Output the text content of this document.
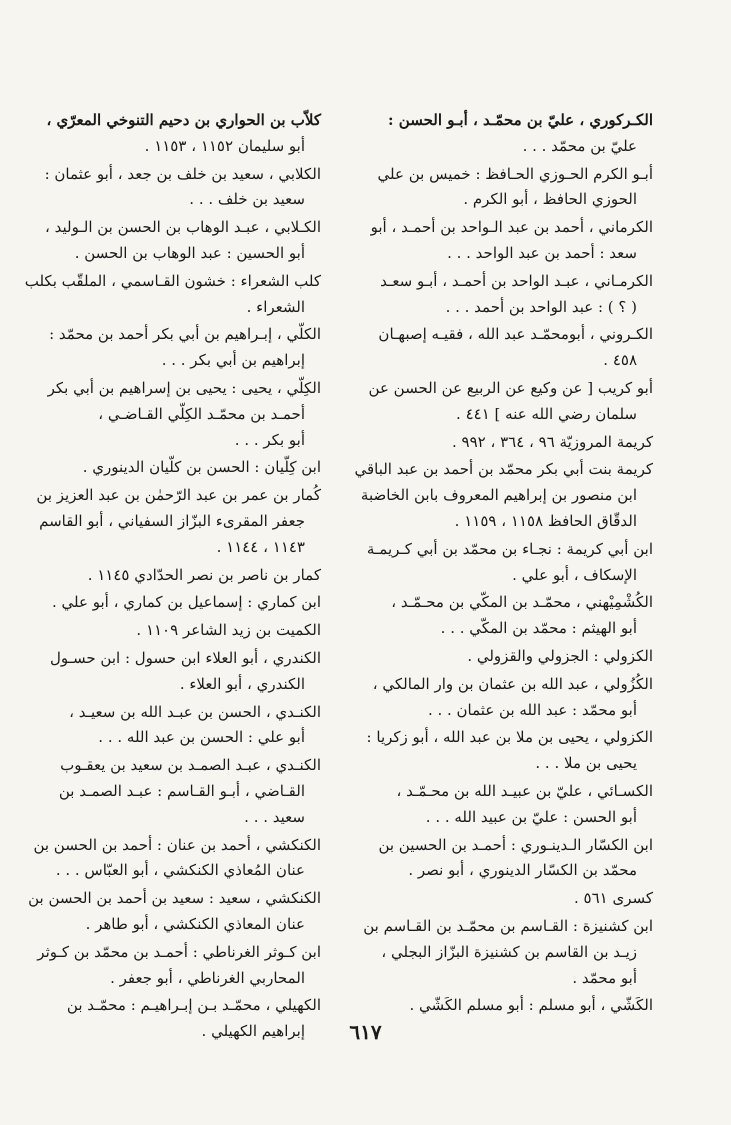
الكـركوري ، عليّ بن محمّـد ، أبـو الحسن :
عليّ بن محمّد . . .
أبـو الكرم الحـوزي الحـافظ : خميس بن علي
الحوزي الحافظ ، أبو الكرم .
الكرماني ، أحمد بن عبد الـواحد بن أحمـد ، أبو
سعد : أحمد بن عبد الواحد . . .
الكرمـاني ، عبـد الواحد بن أحمـد ، أبـو سعـد
( ؟ ) : عبد الواحد بن أحمد . . .
الكـروني ، أبومحمّـد عبد الله ، فقيـه إصبهـان
٤٥٨ .
أبو كريب [ عن وكيع عن الربيع عن الحسن عن
سلمان رضي الله عنه ] ٤٤١ .
كريمة المروزيّة ٩٦ ، ٣٦٤ ، ٩٩٢ .
كريمة بنت أبي بكر محمّد بن أحمد بن عبد الباقي
ابن منصور بن إبراهيم المعروف بابن الخاضبة
الدقّاق الحافظ ١١٥٨ ، ١١٥٩ .
ابن أبي كريمة : نجـاء بن محمّد بن أبي كـريمـة
الإسكاف ، أبو علي .
الكُشْمِيْهني ، محمّـد بن المكّي بن محـمّـد ،
أبو الهيثم : محمّد بن المكّي . . .
الكزولي : الجزولي والقزولي .
الكُزُولي ، عبد الله بن عثمان بن وار المالكي ،
أبو محمّد : عبد الله بن عثمان . . .
الكزولي ، يحيى بن ملا بن عبد الله ، أبو زكريا :
يحيى بن ملا . . .
الكسـائي ، عليّ بن عبيـد الله بن محـمّـد ،
أبو الحسن : عليّ بن عبيد الله . . .
ابن الكسّار الـدينـوري : أحمـد بن الحسين بن
محمّد بن الكسّار الدينوري ، أبو نصر .
كسرى ٥٦١ .
ابن كشنيزة : القـاسم بن محمّـد بن القـاسم بن
زيـد بن القاسم بن كشنيزة البزّاز البجلي ،
أبو محمّد .
الكَشّي ، أبو مسلم : أبو مسلم الكَشّي .
كلاّب بن الحواري بن دحيم التنوخي المعرّي ،
أبو سليمان ١١٥٢ ، ١١٥٣ .
الكلابي ، سعيد بن خلف بن جعد ، أبو عثمان :
سعيد بن خلف . . .
الكـلابي ، عبـد الوهاب بن الحسن بن الـوليد ،
أبو الحسين : عبد الوهاب بن الحسن .
كلب الشعراء : خشون القـاسمي ، الملقّب بكلب
الشعراء .
الكلّي ، إبـراهيم بن أبي بكر أحمد بن محمّد :
إبراهيم بن أبي بكر . . .
الكِلّي ، يحيى : يحيى بن إسراهيم بن أبي بكر
أحمـد بن محمّـد الكِلّي القـاضـي ،
أبو بكر . . .
ابن كِلّيان : الحسن بن كلّيان الدينوري .
كُمار بن عمر بن عبد الرّحمٰن بن عبد العزيز بن
جعفر المقرىء البزّاز السفياني ، أبو القاسم
١١٤٣ ، ١١٤٤ .
كمار بن ناصر بن نصر الحدّادي ١١٤٥ .
ابن كماري : إسماعيل بن كماري ، أبو علي .
الكميت بن زيد الشاعر ١١٠٩ .
الكندري ، أبو العلاء ابن حسول : ابن حسـول
الكندري ، أبو العلاء .
الكنـدي ، الحسن بن عبـد الله بن سعيـد ،
أبو علي : الحسن بن عبد الله . . .
الكنـدي ، عبـد الصمـد بن سعيد بن يعقـوب
القـاضي ، أبـو القـاسم : عبـد الصمـد بن
سعيد . . .
الكنكشي ، أحمد بن عنان : أحمد بن الحسن بن
عنان المُعاذي الكنكشي ، أبو العبّاس . . .
الكنكشي ، سعيد : سعيد بن أحمد بن الحسن بن
عنان المعاذي الكنكشي ، أبو طاهر .
ابن كـوثر الغرناطي : أحمـد بن محمّد بن كـوثر
المحاربي الغرناطي ، أبو جعفر .
الكهيلي ، محمّـد بـن إبـراهيـم : محمّـد بن
إبراهيم الكهيلي .	٦١٧
